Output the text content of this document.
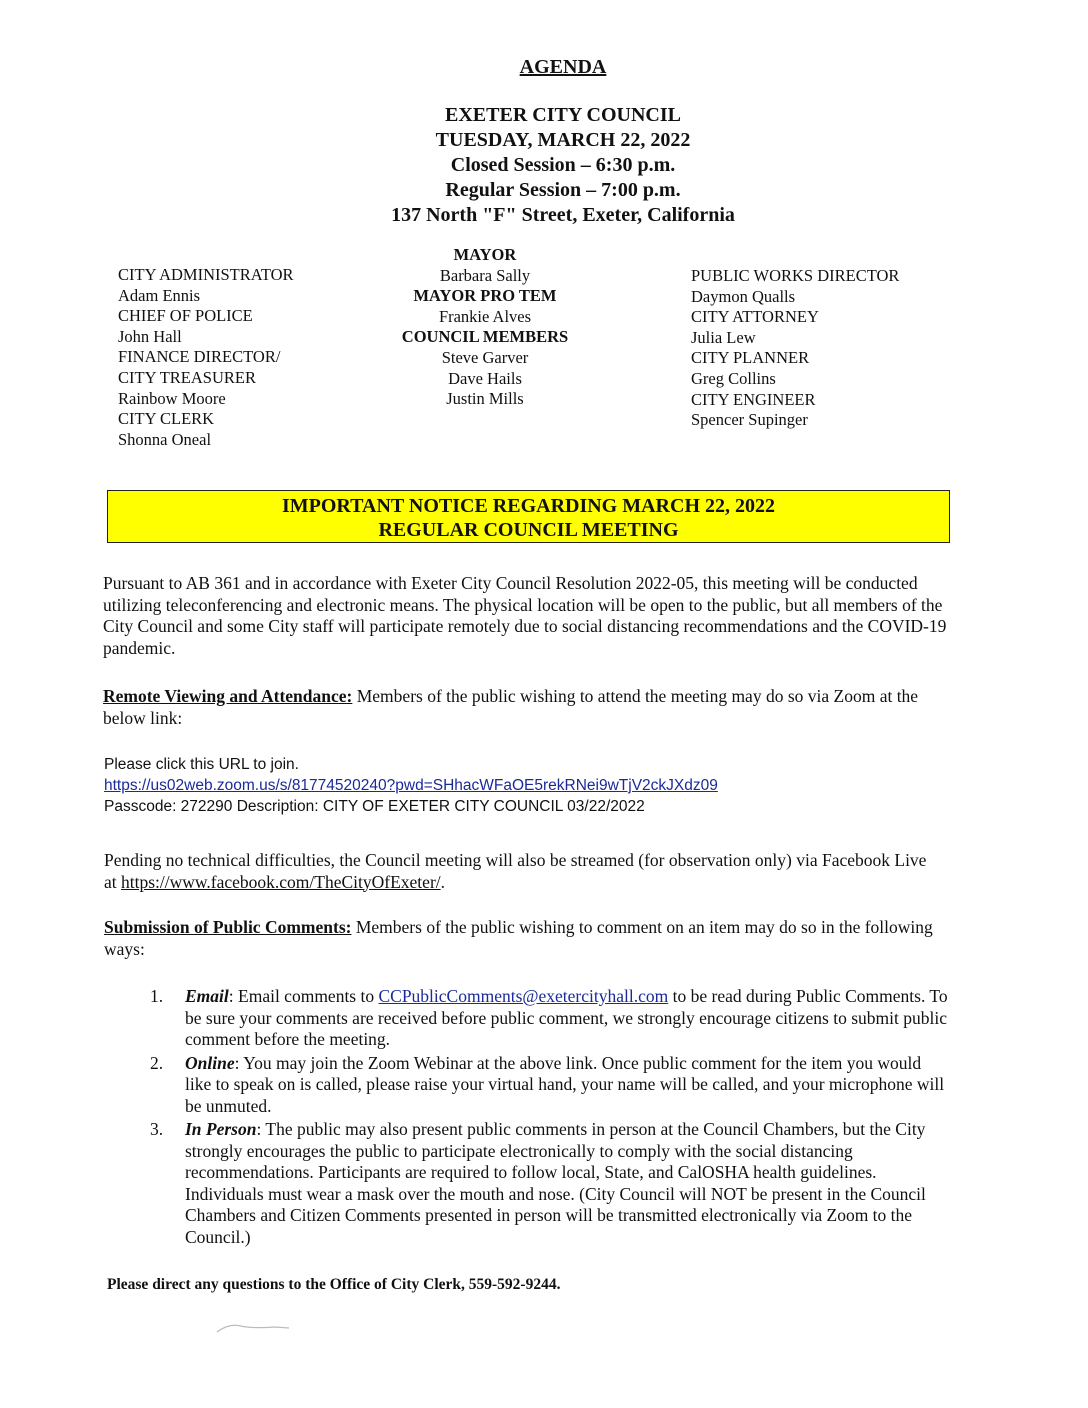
AGENDA
EXETER CITY COUNCIL
TUESDAY, MARCH 22, 2022
Closed Session – 6:30 p.m.
Regular Session – 7:00 p.m.
137 North "F" Street, Exeter, California
CITY ADMINISTRATOR
Adam Ennis
CHIEF OF POLICE
John Hall
FINANCE DIRECTOR/
CITY TREASURER
Rainbow Moore
CITY CLERK
Shonna Oneal
MAYOR
Barbara Sally
MAYOR PRO TEM
Frankie Alves
COUNCIL MEMBERS
Steve Garver
Dave Hails
Justin Mills
PUBLIC WORKS DIRECTOR
Daymon Qualls
CITY ATTORNEY
Julia Lew
CITY PLANNER
Greg Collins
CITY ENGINEER
Spencer Supinger
IMPORTANT NOTICE REGARDING MARCH 22, 2022
REGULAR COUNCIL MEETING
Pursuant to AB 361 and in accordance with Exeter City Council Resolution 2022-05, this meeting will be conducted utilizing teleconferencing and electronic means. The physical location will be open to the public, but all members of the City Council and some City staff will participate remotely due to social distancing recommendations and the COVID-19 pandemic.
Remote Viewing and Attendance: Members of the public wishing to attend the meeting may do so via Zoom at the below link:
Please click this URL to join.
https://us02web.zoom.us/s/81774520240?pwd=SHhacWFaOE5rekRNei9wTjV2ckJXdz09
Passcode: 272290 Description: CITY OF EXETER CITY COUNCIL 03/22/2022
Pending no technical difficulties, the Council meeting will also be streamed (for observation only) via Facebook Live at https://www.facebook.com/TheCityOfExeter/.
Submission of Public Comments: Members of the public wishing to comment on an item may do so in the following ways:
1. Email: Email comments to CCPublicComments@exetercityhall.com to be read during Public Comments. To be sure your comments are received before public comment, we strongly encourage citizens to submit public comment before the meeting.
2. Online: You may join the Zoom Webinar at the above link. Once public comment for the item you would like to speak on is called, please raise your virtual hand, your name will be called, and your microphone will be unmuted.
3. In Person: The public may also present public comments in person at the Council Chambers, but the City strongly encourages the public to participate electronically to comply with the social distancing recommendations. Participants are required to follow local, State, and CalOSHA health guidelines. Individuals must wear a mask over the mouth and nose. (City Council will NOT be present in the Council Chambers and Citizen Comments presented in person will be transmitted electronically via Zoom to the Council.)
Please direct any questions to the Office of City Clerk, 559-592-9244.
